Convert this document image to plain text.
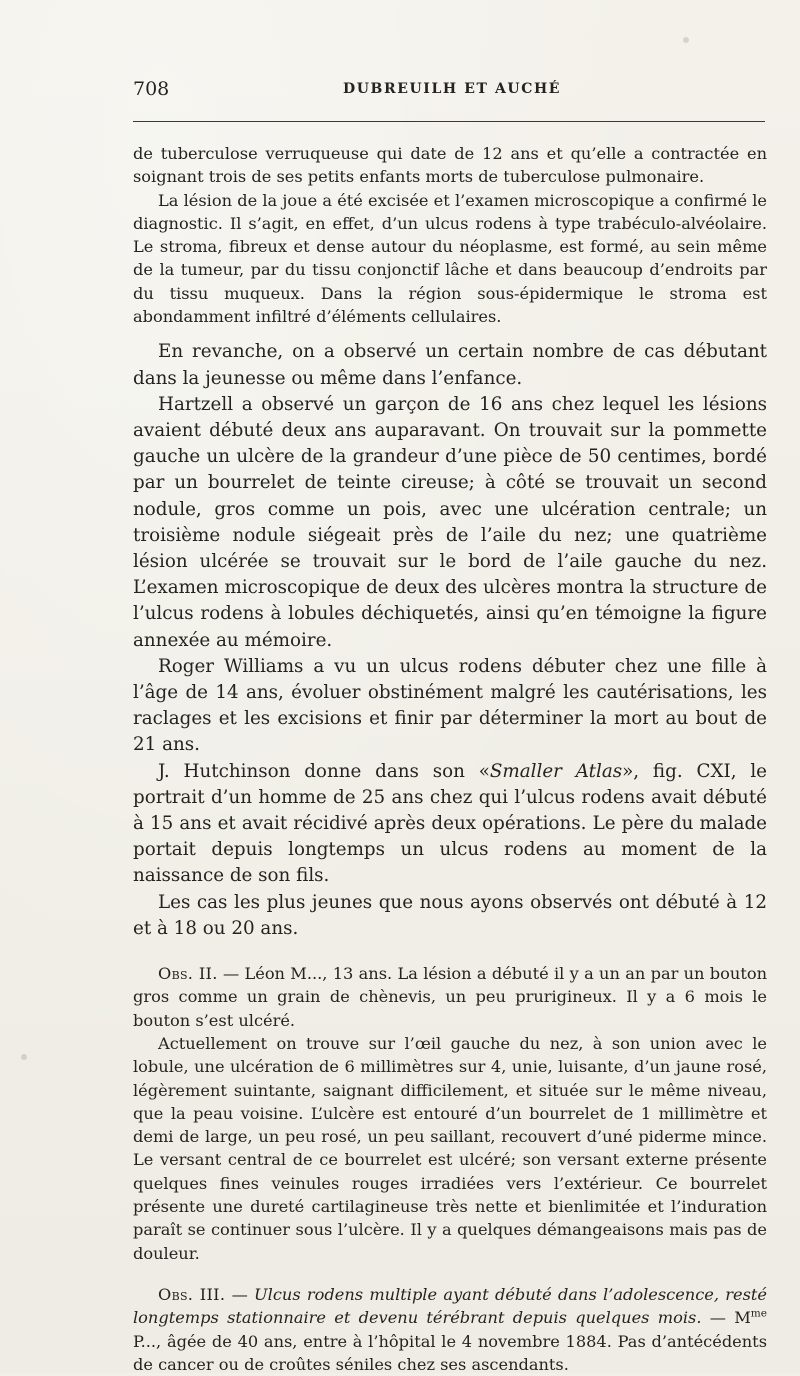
708	DUBREUILH ET AUCHÉ

de tuberculose verruqueuse qui date de 12 ans et qu’elle a contractée en soignant trois de ses petits enfants morts de tuberculose pulmonaire.

La lésion de la joue a été excisée et l’examen microscopique a confirmé le diagnostic. Il s’agit, en effet, d’un ulcus rodens à type trabéculo-alvéolaire. Le stroma, fibreux et dense autour du néoplasme, est formé, au sein même de la tumeur, par du tissu conjonctif lâche et dans beaucoup d’endroits par du tissu muqueux. Dans la région sous-épidermique le stroma est abondamment infiltré d’éléments cellulaires.

En revanche, on a observé un certain nombre de cas débutant dans la jeunesse ou même dans l’enfance.

Hartzell a observé un garçon de 16 ans chez lequel les lésions avaient débuté deux ans auparavant. On trouvait sur la pommette gauche un ulcère de la grandeur d’une pièce de 50 centimes, bordé par un bourrelet de teinte cireuse; à côté se trouvait un second nodule, gros comme un pois, avec une ulcération centrale; un troisième nodule siégeait près de l’aile du nez; une quatrième lésion ulcérée se trouvait sur le bord de l’aile gauche du nez. L’examen microscopique de deux des ulcères montra la structure de l’ulcus rodens à lobules déchiquetés, ainsi qu’en témoigne la figure annexée au mémoire.

Roger Williams a vu un ulcus rodens débuter chez une fille à l’âge de 14 ans, évoluer obstinément malgré les cautérisations, les raclages et les excisions et finir par déterminer la mort au bout de 21 ans.

J. Hutchinson donne dans son «Smaller Atlas», fig. CXI, le portrait d’un homme de 25 ans chez qui l’ulcus rodens avait débuté à 15 ans et avait récidivé après deux opérations. Le père du malade portait depuis longtemps un ulcus rodens au moment de la naissance de son fils.

Les cas les plus jeunes que nous ayons observés ont débuté à 12 et à 18 ou 20 ans.

Obs. II. — Léon M..., 13 ans. La lésion a débuté il y a un an par un bouton gros comme un grain de chènevis, un peu prurigineux. Il y a 6 mois le bouton s’est ulcéré.

Actuellement on trouve sur l’œil gauche du nez, à son union avec le lobule, une ulcération de 6 millimètres sur 4, unie, luisante, d’un jaune rosé, légèrement suintante, saignant difficilement, et située sur le même niveau, que la peau voisine. L’ulcère est entouré d’un bourrelet de 1 millimètre et demi de large, un peu rosé, un peu saillant, recouvert d’uné piderme mince. Le versant central de ce bourrelet est ulcéré; son versant externe présente quelques fines veinules rouges irradiées vers l’extérieur. Ce bourrelet présente une dureté cartilagineuse très nette et bienlimitée et l’induration paraît se continuer sous l’ulcère. Il y a quelques démangeaisons mais pas de douleur.

Obs. III. — Ulcus rodens multiple ayant débuté dans l’adolescence, resté longtemps stationnaire et devenu térébrant depuis quelques mois. — $M^{me}$ P..., âgée de 40 ans, entre à l’hôpital le 4 novembre 1884. Pas d’antécédents de cancer ou de croûtes séniles chez ses ascendants.
